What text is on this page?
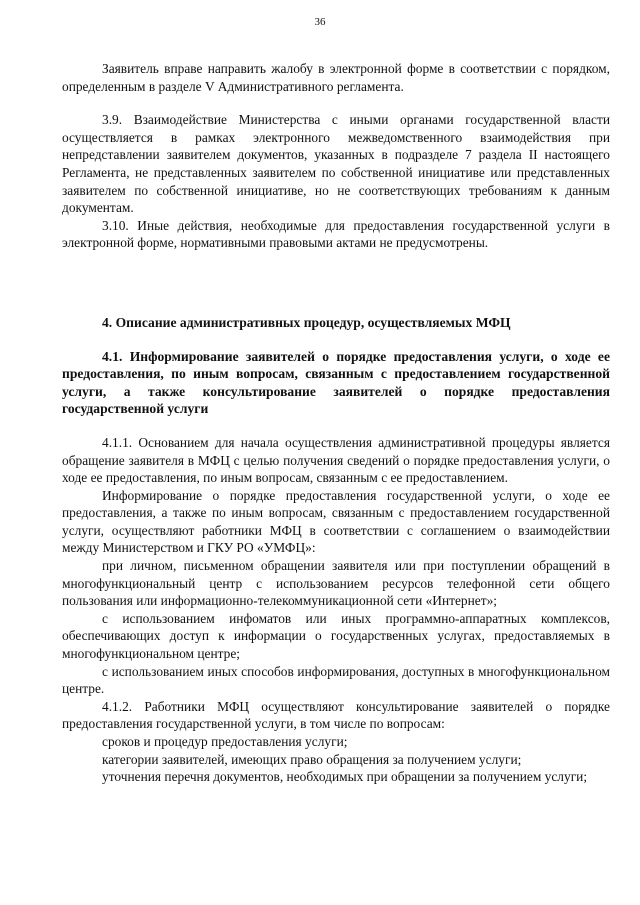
36

Заявитель вправе направить жалобу в электронной форме в соответствии с порядком, определенным в разделе V Административного регламента.

3.9. Взаимодействие Министерства с иными органами государственной власти осуществляется в рамках электронного межведомственного взаимодействия при непредставлении заявителем документов, указанных в подразделе 7 раздела II настоящего Регламента, не представленных заявителем по собственной инициативе или представленных заявителем по собственной инициативе, но не соответствующих требованиям к данным документам.

3.10. Иные действия, необходимые для предоставления государственной услуги в электронной форме, нормативными правовыми актами не предусмотрены.

4. Описание административных процедур, осуществляемых МФЦ

4.1. Информирование заявителей о порядке предоставления услуги, о ходе ее предоставления, по иным вопросам, связанным с предоставлением государственной услуги, а также консультирование заявителей о порядке предоставления государственной услуги

4.1.1. Основанием для начала осуществления административной процедуры является обращение заявителя в МФЦ с целью получения сведений о порядке предоставления услуги, о ходе ее предоставления, по иным вопросам, связанным с ее предоставлением.

Информирование о порядке предоставления государственной услуги, о ходе ее предоставления, а также по иным вопросам, связанным с предоставлением государственной услуги, осуществляют работники МФЦ в соответствии с соглашением о взаимодействии между Министерством и ГКУ РО «УМФЦ»:

при личном, письменном обращении заявителя или при поступлении обращений в многофункциональный центр с использованием ресурсов телефонной сети общего пользования или информационно-телекоммуникационной сети «Интернет»;

с использованием инфоматов или иных программно-аппаратных комплексов, обеспечивающих доступ к информации о государственных услугах, предоставляемых в многофункциональном центре;

с использованием иных способов информирования, доступных в многофункциональном центре.

4.1.2. Работники МФЦ осуществляют консультирование заявителей о порядке предоставления государственной услуги, в том числе по вопросам:

сроков и процедур предоставления услуги;

категории заявителей, имеющих право обращения за получением услуги;

уточнения перечня документов, необходимых при обращении за получением услуги;
